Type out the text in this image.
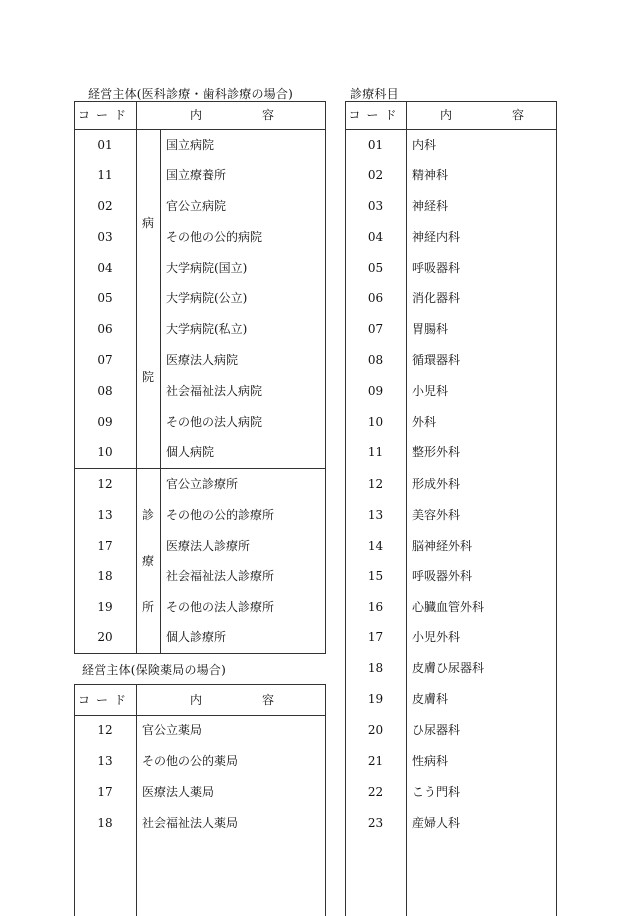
経営主体(医科診療・歯科診療の場合)	診療科目
経営主体(保険薬局の場合)
コード	内	容
病
院
01	国立病院
11	国立療養所
02	官公立病院
03	その他の公的病院
04	大学病院(国立)
05	大学病院(公立)
06	大学病院(私立)
07	医療法人病院
08	社会福祉法人病院
09	その他の法人病院
10	個人病院
診
療
所
12	官公立診療所
13	その他の公的診療所
17	医療法人診療所
18	社会福祉法人診療所
19	その他の法人診療所
20	個人診療所
コード	内	容
12	官公立薬局
13	その他の公的薬局
17	医療法人薬局
18	社会福祉法人薬局
コード	内	容
01	内科
02	精神科
03	神経科
04	神経内科
05	呼吸器科
06	消化器科
07	胃腸科
08	循環器科
09	小児科
10	外科
11	整形外科
12	形成外科
13	美容外科
14	脳神経外科
15	呼吸器外科
16	心臓血管外科
17	小児外科
18	皮膚ひ尿器科
19	皮膚科
20	ひ尿器科
21	性病科
22	こう門科
23	産婦人科
